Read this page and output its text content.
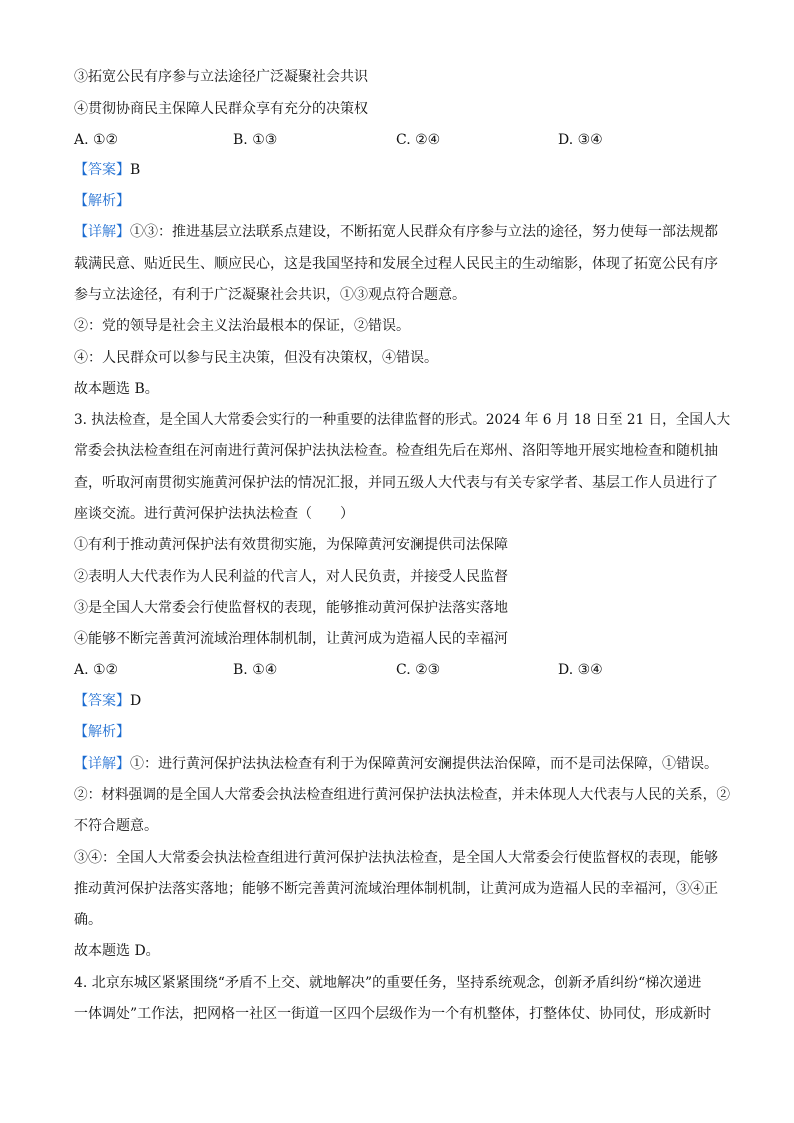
③拓宽公民有序参与立法途径广泛凝聚社会共识
④贯彻协商民主保障人民群众享有充分的决策权
A. ①②	B. ①③	C. ②④	D. ③④
【答案】B
【解析】
【详解】①③：推进基层立法联系点建设，不断拓宽人民群众有序参与立法的途径，努力使每一部法规都
载满民意、贴近民生、顺应民心，这是我国坚持和发展全过程人民民主的生动缩影，体现了拓宽公民有序
参与立法途径，有利于广泛凝聚社会共识，①③观点符合题意。
②：党的领导是社会主义法治最根本的保证，②错误。
④：人民群众可以参与民主决策，但没有决策权，④错误。
故本题选 B。
3. 执法检查，是全国人大常委会实行的一种重要的法律监督的形式。2024 年 6 月 18 日至 21 日，全国人大
常委会执法检查组在河南进行黄河保护法执法检查。检查组先后在郑州、洛阳等地开展实地检查和随机抽
查，听取河南贯彻实施黄河保护法的情况汇报，并同五级人大代表与有关专家学者、基层工作人员进行了
座谈交流。进行黄河保护法执法检查（　　）
①有利于推动黄河保护法有效贯彻实施，为保障黄河安澜提供司法保障
②表明人大代表作为人民利益的代言人，对人民负责，并接受人民监督
③是全国人大常委会行使监督权的表现，能够推动黄河保护法落实落地
④能够不断完善黄河流域治理体制机制，让黄河成为造福人民的幸福河
A. ①②	B. ①④	C. ②③	D. ③④
【答案】D
【解析】
【详解】①：进行黄河保护法执法检查有利于为保障黄河安澜提供法治保障，而不是司法保障，①错误。
②：材料强调的是全国人大常委会执法检查组进行黄河保护法执法检查，并未体现人大代表与人民的关系，②
不符合题意。
③④：全国人大常委会执法检查组进行黄河保护法执法检查，是全国人大常委会行使监督权的表现，能够
推动黄河保护法落实落地；能够不断完善黄河流域治理体制机制，让黄河成为造福人民的幸福河，③④正
确。
故本题选 D。
4. 北京东城区紧紧围绕“矛盾不上交、就地解决”的重要任务，坚持系统观念，创新矛盾纠纷“梯次递进
一体调处”工作法，把网格一社区一街道一区四个层级作为一个有机整体，打整体仗、协同仗，形成新时
